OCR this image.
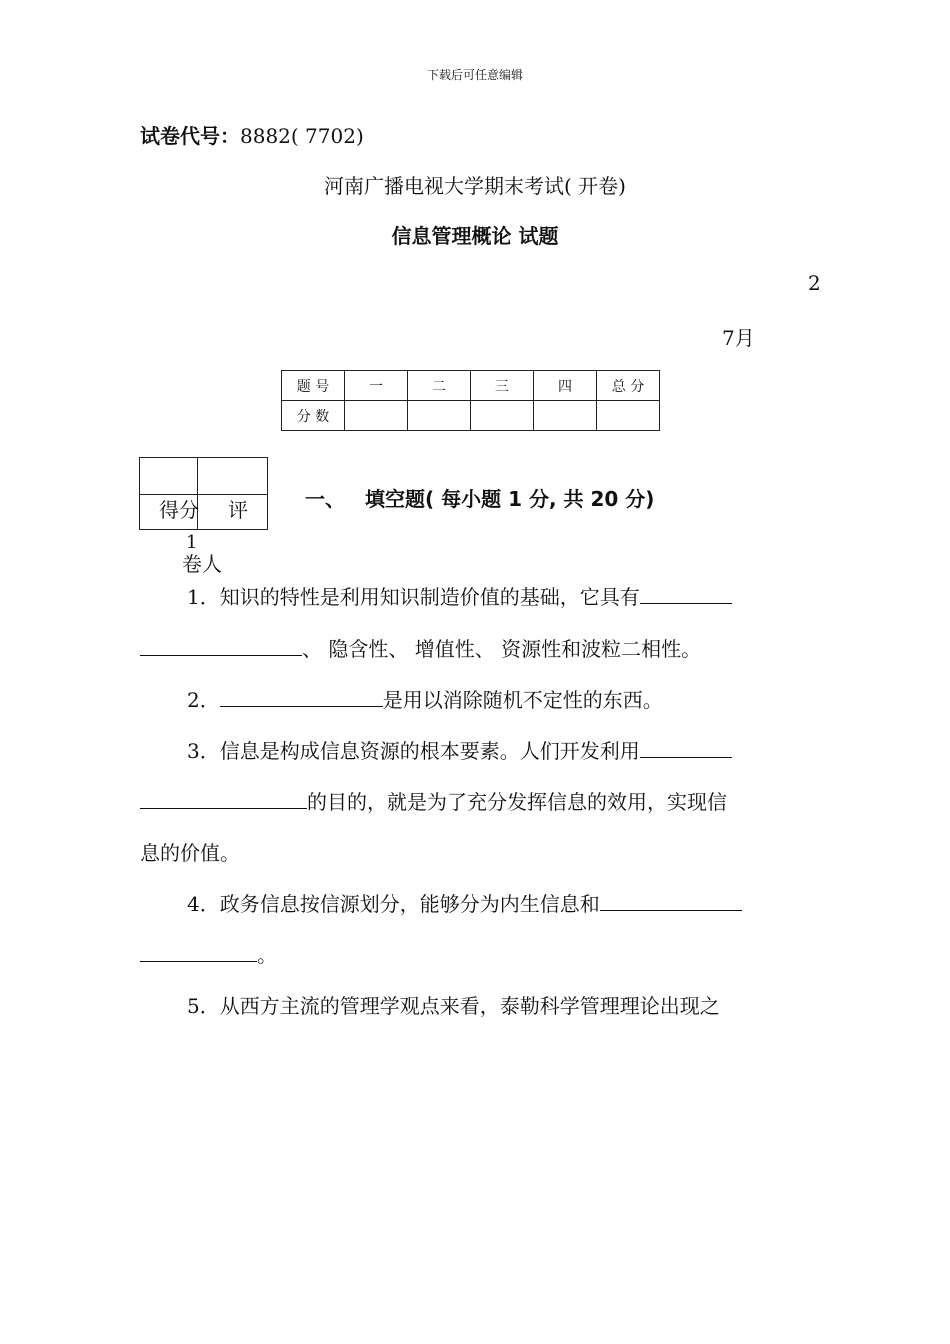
下载后可任意编辑
试卷代号：8882( 7702)
河南广播电视大学期末考试( 开卷)
信息管理概论 试题
2
7月
题 号	一	二	三	四	总 分
分 数					
得分 评
1
卷人
一、 填空题( 每小题 1 分, 共 20 分)
1．知识的特性是利用知识制造价值的基础，它具有
、 隐含性、 增值性、 资源性和波粒二相性。
2．	是用以消除随机不定性的东西。
3．信息是构成信息资源的根本要素。人们开发利用
的目的，就是为了充分发挥信息的效用，实现信
息的价值。
4．政务信息按信源划分，能够分为内生信息和
。
5．从西方主流的管理学观点来看，泰勒科学管理理论出现之
